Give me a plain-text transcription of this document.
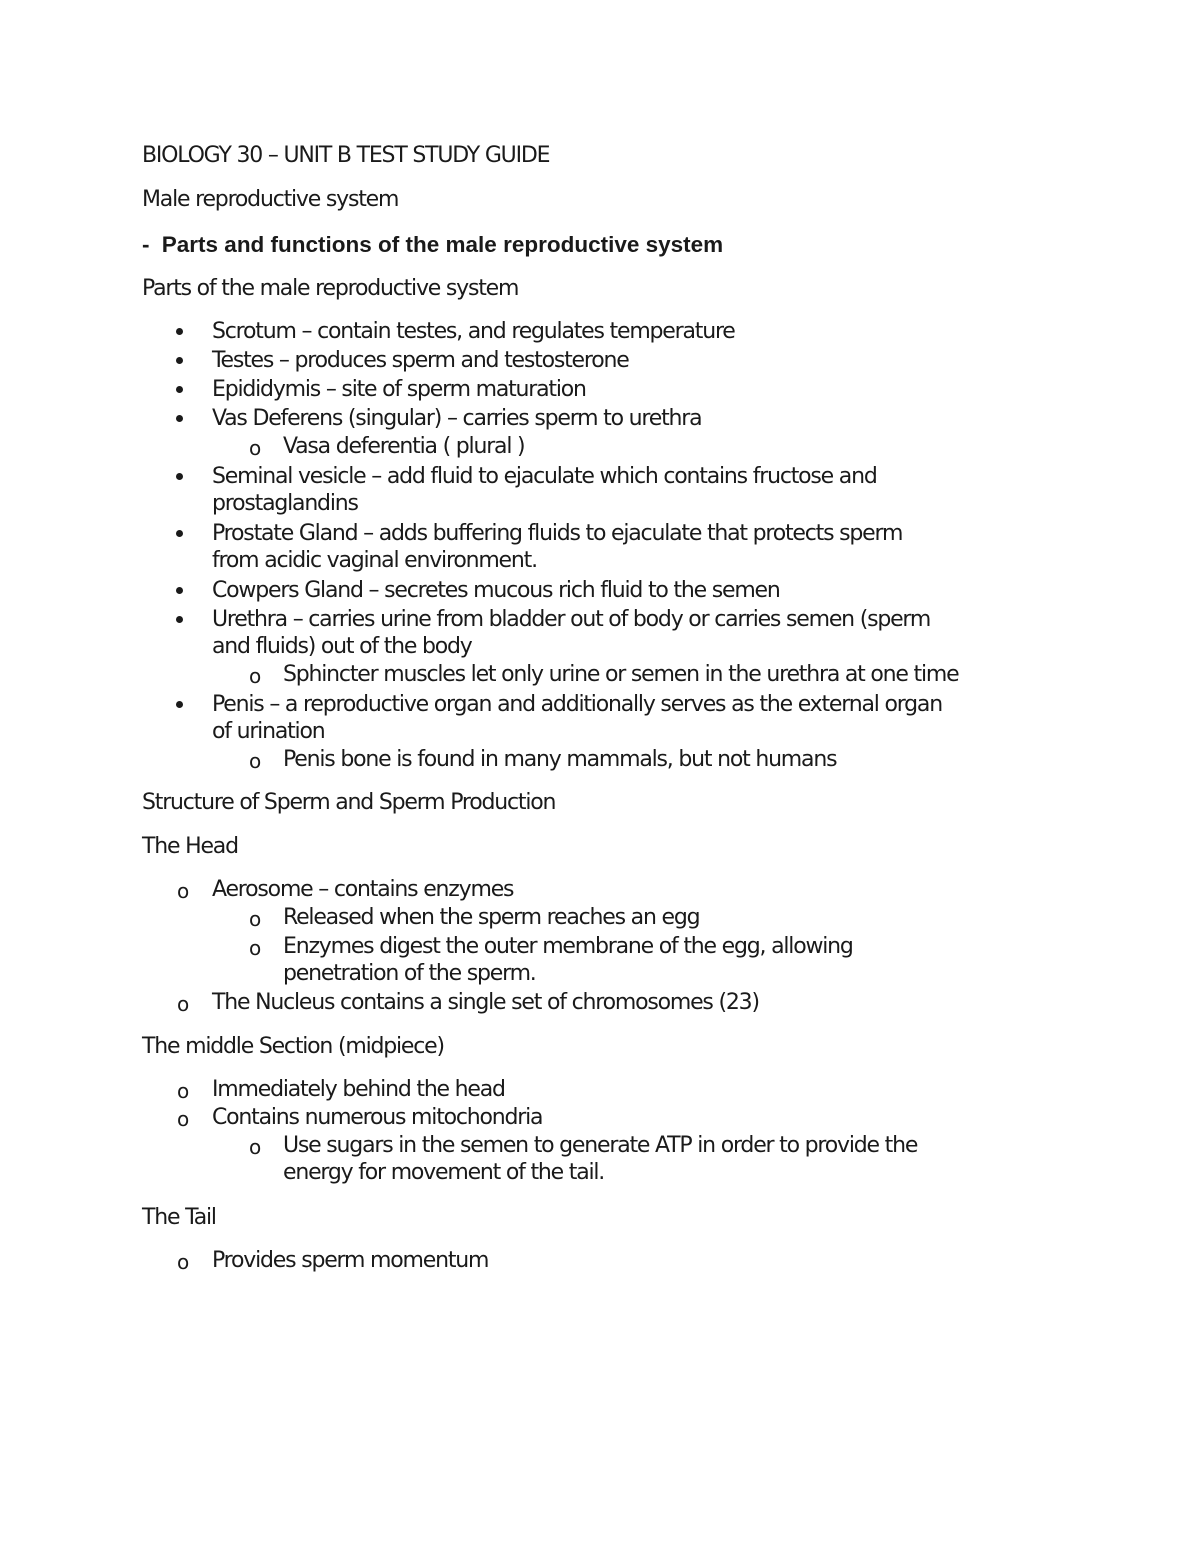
BIOLOGY 30 – UNIT B TEST STUDY GUIDE
Male reproductive system
- Parts and functions of the male reproductive system
Parts of the male reproductive system
Scrotum – contain testes, and regulates temperature
Testes – produces sperm and testosterone
Epididymis – site of sperm maturation
Vas Deferens (singular) – carries sperm to urethra
o Vasa deferentia ( plural )
Seminal vesicle – add fluid to ejaculate which contains fructose and
prostaglandins
Prostate Gland – adds buffering fluids to ejaculate that protects sperm
from acidic vaginal environment.
Cowpers Gland – secretes mucous rich fluid to the semen
Urethra – carries urine from bladder out of body or carries semen (sperm
and fluids) out of the body
o Sphincter muscles let only urine or semen in the urethra at one time
Penis – a reproductive organ and additionally serves as the external organ
of urination
o Penis bone is found in many mammals, but not humans
Structure of Sperm and Sperm Production
The Head
o Aerosome – contains enzymes
o Released when the sperm reaches an egg
o Enzymes digest the outer membrane of the egg, allowing
penetration of the sperm.
o The Nucleus contains a single set of chromosomes (23)
The middle Section (midpiece)
o Immediately behind the head
o Contains numerous mitochondria
o Use sugars in the semen to generate ATP in order to provide the
energy for movement of the tail.
The Tail
o Provides sperm momentum
